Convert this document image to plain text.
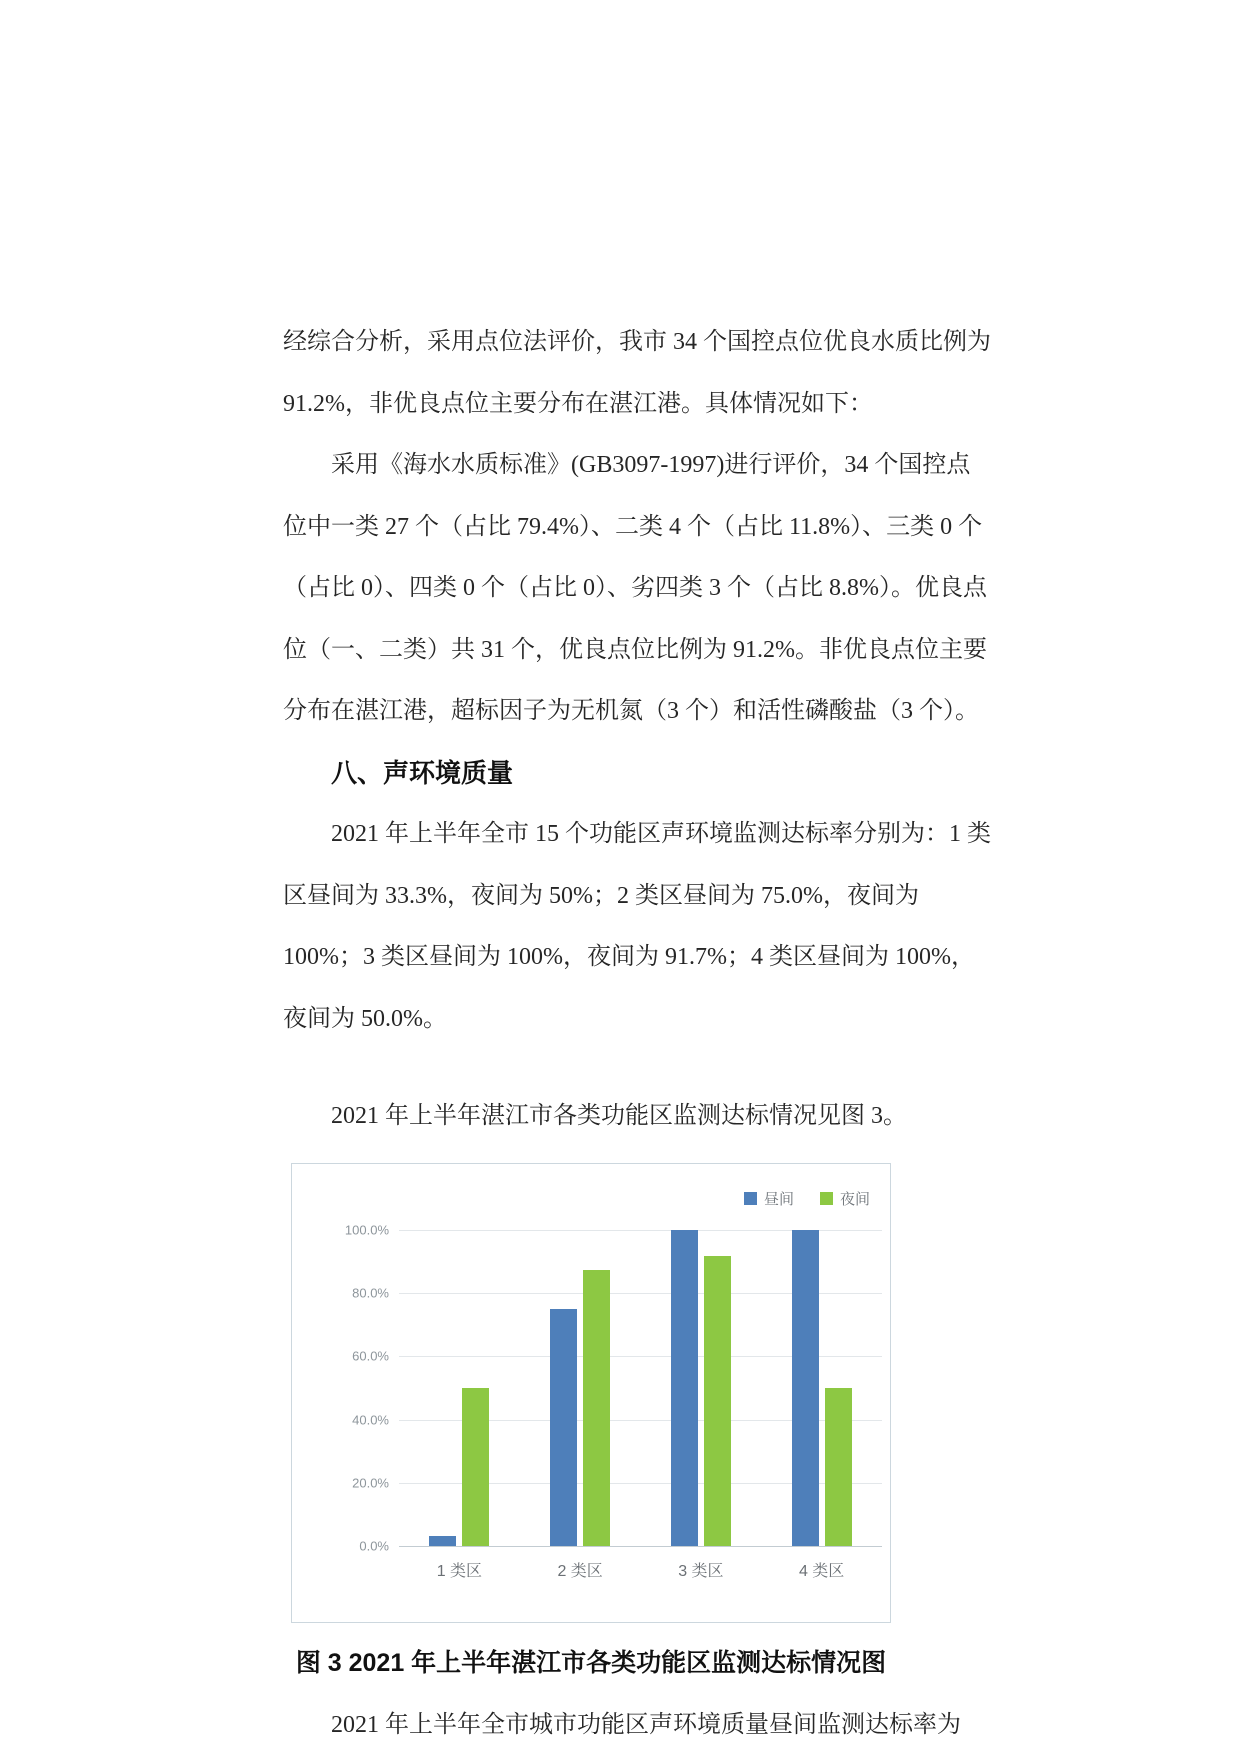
经综合分析，采用点位法评价，我市 34 个国控点位优良水质比例为
91.2%，非优良点位主要分布在湛江港。具体情况如下：
采用《海水水质标准》(GB3097-1997)进行评价，34 个国控点
位中一类 27 个（占比 79.4%）、二类 4 个（占比 11.8%）、三类 0 个
（占比 0）、四类 0 个（占比 0）、劣四类 3 个（占比 8.8%）。优良点
位（一、二类）共 31 个，优良点位比例为 91.2%。非优良点位主要
分布在湛江港，超标因子为无机氮（3 个）和活性磷酸盐（3 个）。
八、声环境质量
2021 年上半年全市 15 个功能区声环境监测达标率分别为：1 类
区昼间为 33.3%，夜间为 50%；2 类区昼间为 75.0%，夜间为
100%；3 类区昼间为 100%，夜间为 91.7%；4 类区昼间为 100%，
夜间为 50.0%。
2021 年上半年湛江市各类功能区监测达标情况见图 3。
昼间	夜间
100.0%
80.0%
60.0%
40.0%
20.0%
0.0%
1 类区	2 类区	3 类区	4 类区
图 3 2021 年上半年湛江市各类功能区监测达标情况图
2021 年上半年全市城市功能区声环境质量昼间监测达标率为
